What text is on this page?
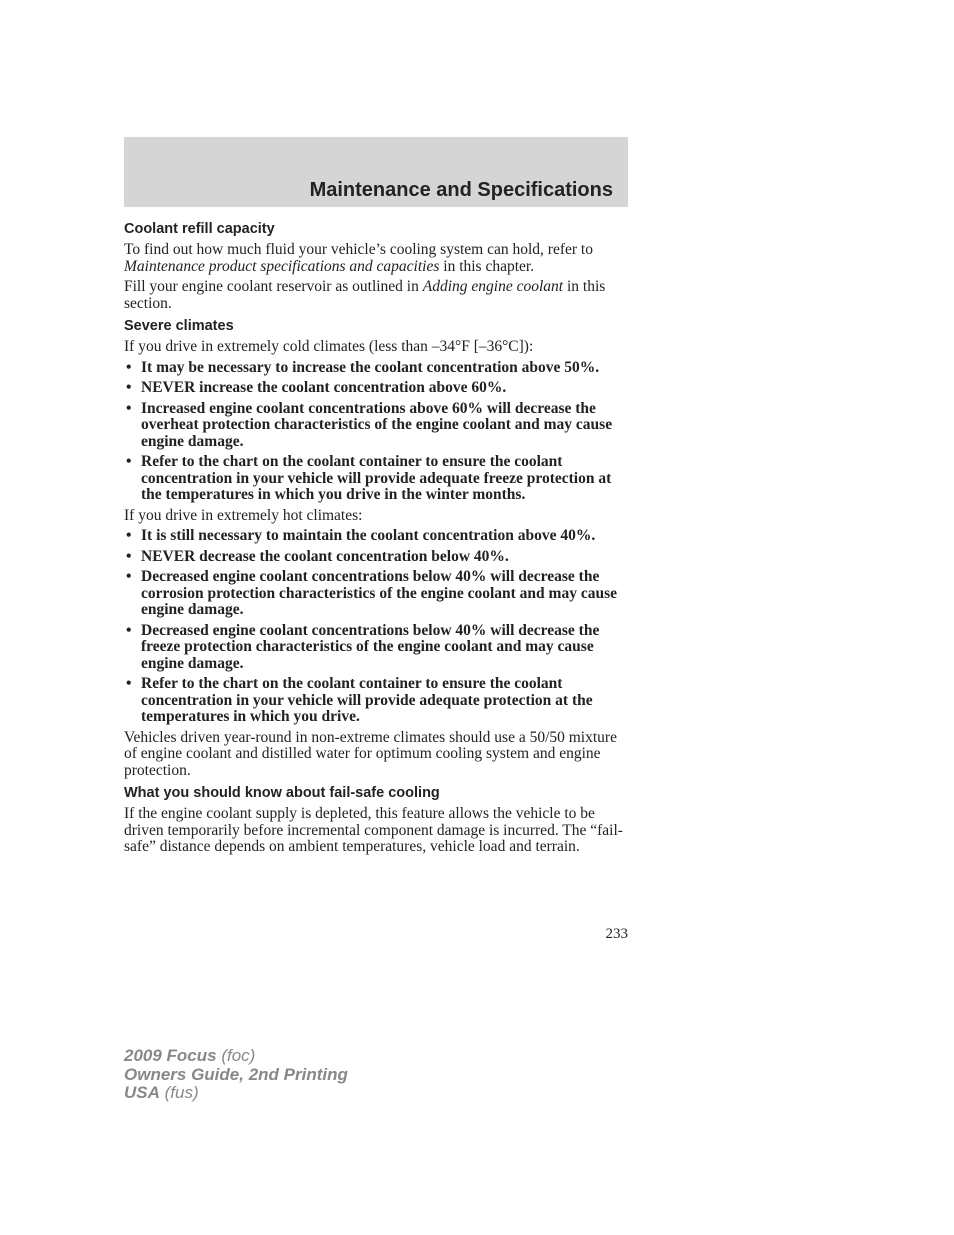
Maintenance and Specifications
Coolant refill capacity

To find out how much fluid your vehicle’s cooling system can hold, refer to Maintenance product specifications and capacities in this chapter.

Fill your engine coolant reservoir as outlined in Adding engine coolant in this section.

Severe climates

If you drive in extremely cold climates (less than –34°F [–36°C]):

• It may be necessary to increase the coolant concentration above 50%.
• NEVER increase the coolant concentration above 60%.
• Increased engine coolant concentrations above 60% will decrease the overheat protection characteristics of the engine coolant and may cause engine damage.
• Refer to the chart on the coolant container to ensure the coolant concentration in your vehicle will provide adequate freeze protection at the temperatures in which you drive in the winter months.

If you drive in extremely hot climates:

• It is still necessary to maintain the coolant concentration above 40%.
• NEVER decrease the coolant concentration below 40%.
• Decreased engine coolant concentrations below 40% will decrease the corrosion protection characteristics of the engine coolant and may cause engine damage.
• Decreased engine coolant concentrations below 40% will decrease the freeze protection characteristics of the engine coolant and may cause engine damage.
• Refer to the chart on the coolant container to ensure the coolant concentration in your vehicle will provide adequate protection at the temperatures in which you drive.

Vehicles driven year-round in non-extreme climates should use a 50/50 mixture of engine coolant and distilled water for optimum cooling system and engine protection.

What you should know about fail-safe cooling

If the engine coolant supply is depleted, this feature allows the vehicle to be driven temporarily before incremental component damage is incurred. The “fail-safe” distance depends on ambient temperatures, vehicle load and terrain.

233
2009 Focus (foc)
Owners Guide, 2nd Printing
USA (fus)
